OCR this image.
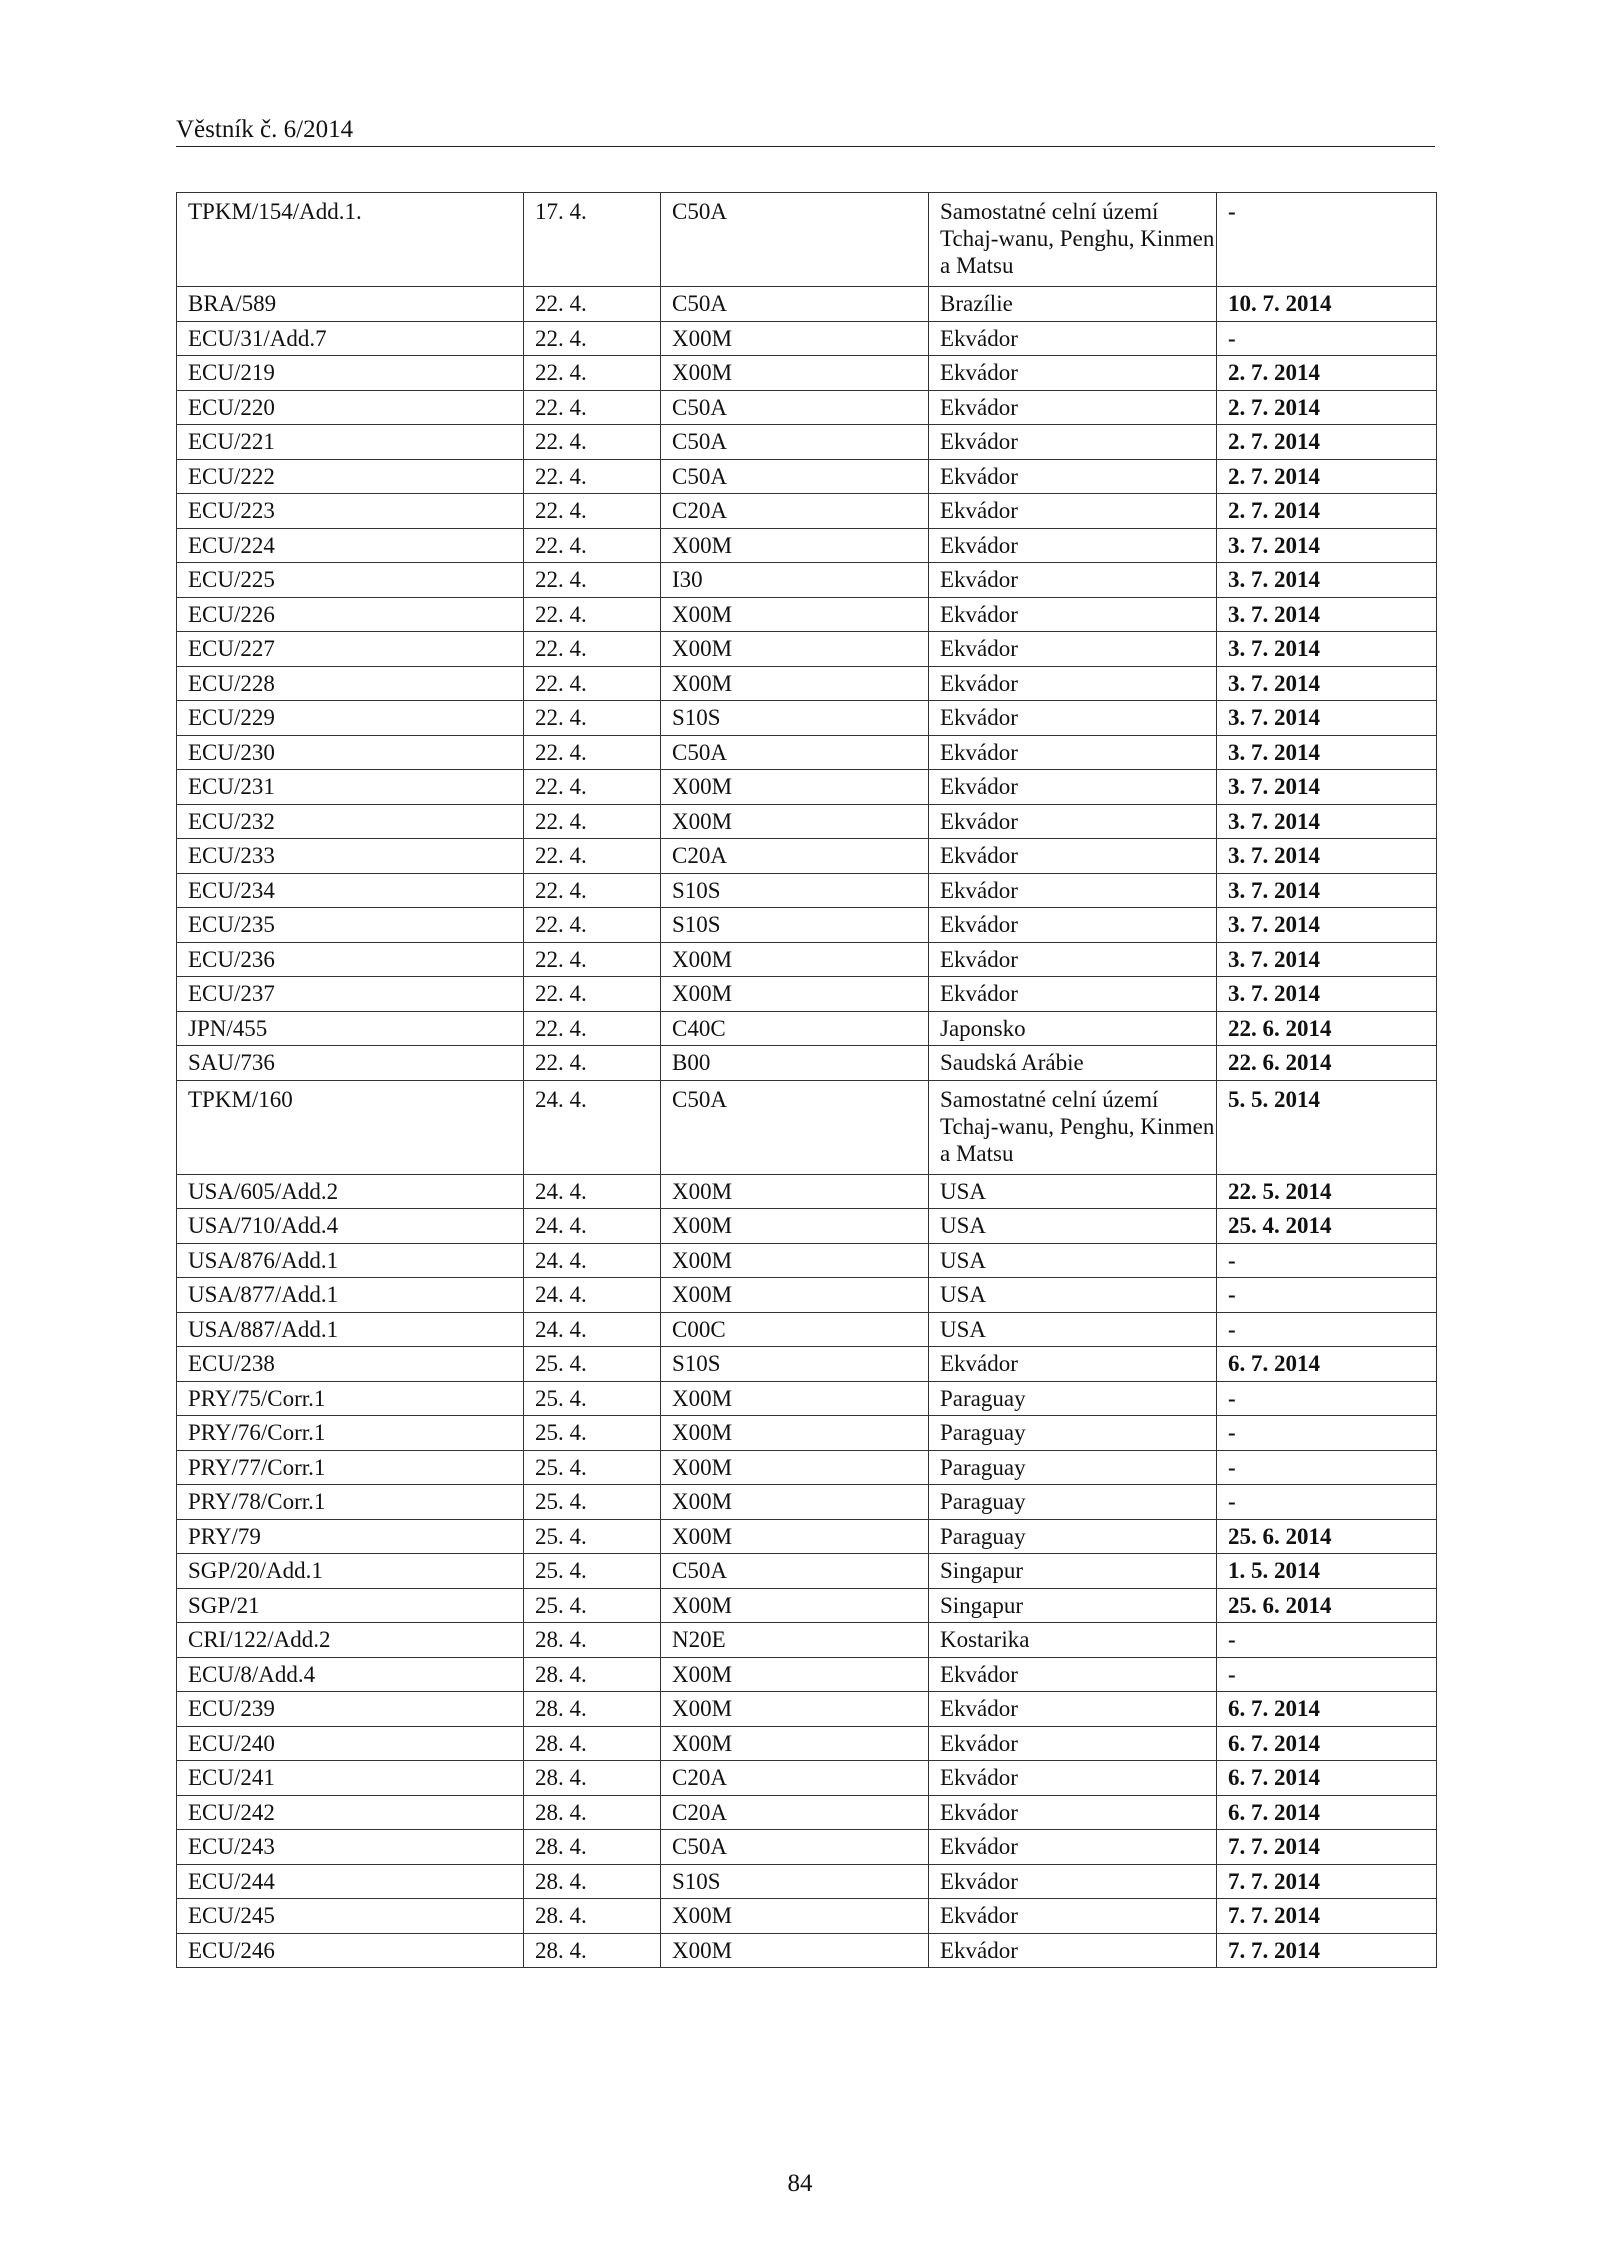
Věstník č. 6/2014
TPKM/154/Add.1.	17. 4.	C50A	Samostatné celní území Tchaj-wanu, Penghu, Kinmen a Matsu	-
BRA/589	22. 4.	C50A	Brazílie	10. 7. 2014
ECU/31/Add.7	22. 4.	X00M	Ekvádor	-
ECU/219	22. 4.	X00M	Ekvádor	2. 7. 2014
ECU/220	22. 4.	C50A	Ekvádor	2. 7. 2014
ECU/221	22. 4.	C50A	Ekvádor	2. 7. 2014
ECU/222	22. 4.	C50A	Ekvádor	2. 7. 2014
ECU/223	22. 4.	C20A	Ekvádor	2. 7. 2014
ECU/224	22. 4.	X00M	Ekvádor	3. 7. 2014
ECU/225	22. 4.	I30	Ekvádor	3. 7. 2014
ECU/226	22. 4.	X00M	Ekvádor	3. 7. 2014
ECU/227	22. 4.	X00M	Ekvádor	3. 7. 2014
ECU/228	22. 4.	X00M	Ekvádor	3. 7. 2014
ECU/229	22. 4.	S10S	Ekvádor	3. 7. 2014
ECU/230	22. 4.	C50A	Ekvádor	3. 7. 2014
ECU/231	22. 4.	X00M	Ekvádor	3. 7. 2014
ECU/232	22. 4.	X00M	Ekvádor	3. 7. 2014
ECU/233	22. 4.	C20A	Ekvádor	3. 7. 2014
ECU/234	22. 4.	S10S	Ekvádor	3. 7. 2014
ECU/235	22. 4.	S10S	Ekvádor	3. 7. 2014
ECU/236	22. 4.	X00M	Ekvádor	3. 7. 2014
ECU/237	22. 4.	X00M	Ekvádor	3. 7. 2014
JPN/455	22. 4.	C40C	Japonsko	22. 6. 2014
SAU/736	22. 4.	B00	Saudská Arábie	22. 6. 2014
TPKM/160	24. 4.	C50A	Samostatné celní území Tchaj-wanu, Penghu, Kinmen a Matsu	5. 5. 2014
USA/605/Add.2	24. 4.	X00M	USA	22. 5. 2014
USA/710/Add.4	24. 4.	X00M	USA	25. 4. 2014
USA/876/Add.1	24. 4.	X00M	USA	-
USA/877/Add.1	24. 4.	X00M	USA	-
USA/887/Add.1	24. 4.	C00C	USA	-
ECU/238	25. 4.	S10S	Ekvádor	6. 7. 2014
PRY/75/Corr.1	25. 4.	X00M	Paraguay	-
PRY/76/Corr.1	25. 4.	X00M	Paraguay	-
PRY/77/Corr.1	25. 4.	X00M	Paraguay	-
PRY/78/Corr.1	25. 4.	X00M	Paraguay	-
PRY/79	25. 4.	X00M	Paraguay	25. 6. 2014
SGP/20/Add.1	25. 4.	C50A	Singapur	1. 5. 2014
SGP/21	25. 4.	X00M	Singapur	25. 6. 2014
CRI/122/Add.2	28. 4.	N20E	Kostarika	-
ECU/8/Add.4	28. 4.	X00M	Ekvádor	-
ECU/239	28. 4.	X00M	Ekvádor	6. 7. 2014
ECU/240	28. 4.	X00M	Ekvádor	6. 7. 2014
ECU/241	28. 4.	C20A	Ekvádor	6. 7. 2014
ECU/242	28. 4.	C20A	Ekvádor	6. 7. 2014
ECU/243	28. 4.	C50A	Ekvádor	7. 7. 2014
ECU/244	28. 4.	S10S	Ekvádor	7. 7. 2014
ECU/245	28. 4.	X00M	Ekvádor	7. 7. 2014
ECU/246	28. 4.	X00M	Ekvádor	7. 7. 2014
84
